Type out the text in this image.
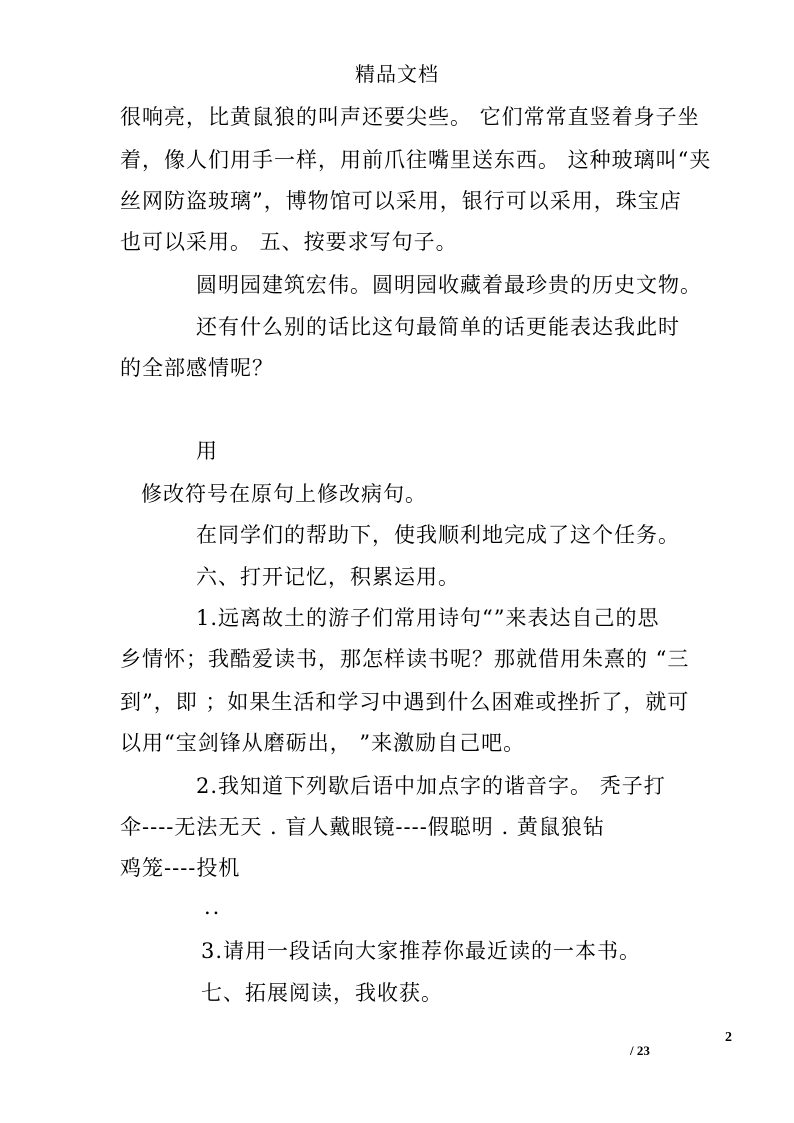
精品文档
很响亮，比黄鼠狼的叫声还要尖些。 它们常常直竖着身子坐
着，像人们用手一样，用前爪往嘴里送东西。 这种玻璃叫“夹
丝网防盗玻璃”，博物馆可以采用，银行可以采用，珠宝店
也可以采用。 五、按要求写句子。
圆明园建筑宏伟。圆明园收藏着最珍贵的历史文物。
还有什么别的话比这句最简单的话更能表达我此时
的全部感情呢？
用
修改符号在原句上修改病句。
在同学们的帮助下，使我顺利地完成了这个任务。
六、打开记忆，积累运用。
1.远离故土的游子们常用诗句“”来表达自己的思
乡情怀；我酷爱读书，那怎样读书呢？那就借用朱熹的 “三
到”，即 ；如果生活和学习中遇到什么困难或挫折了，就可
以用“宝剑锋从磨砺出， ”来激励自己吧。
2.我知道下列歇后语中加点字的谐音字。 秃子打
伞----无法无天 . 盲人戴眼镜----假聪明 . 黄鼠狼钻
鸡笼----投机
..
3.请用一段话向大家推荐你最近读的一本书。
七、拓展阅读，我收获。
2
/ 23
